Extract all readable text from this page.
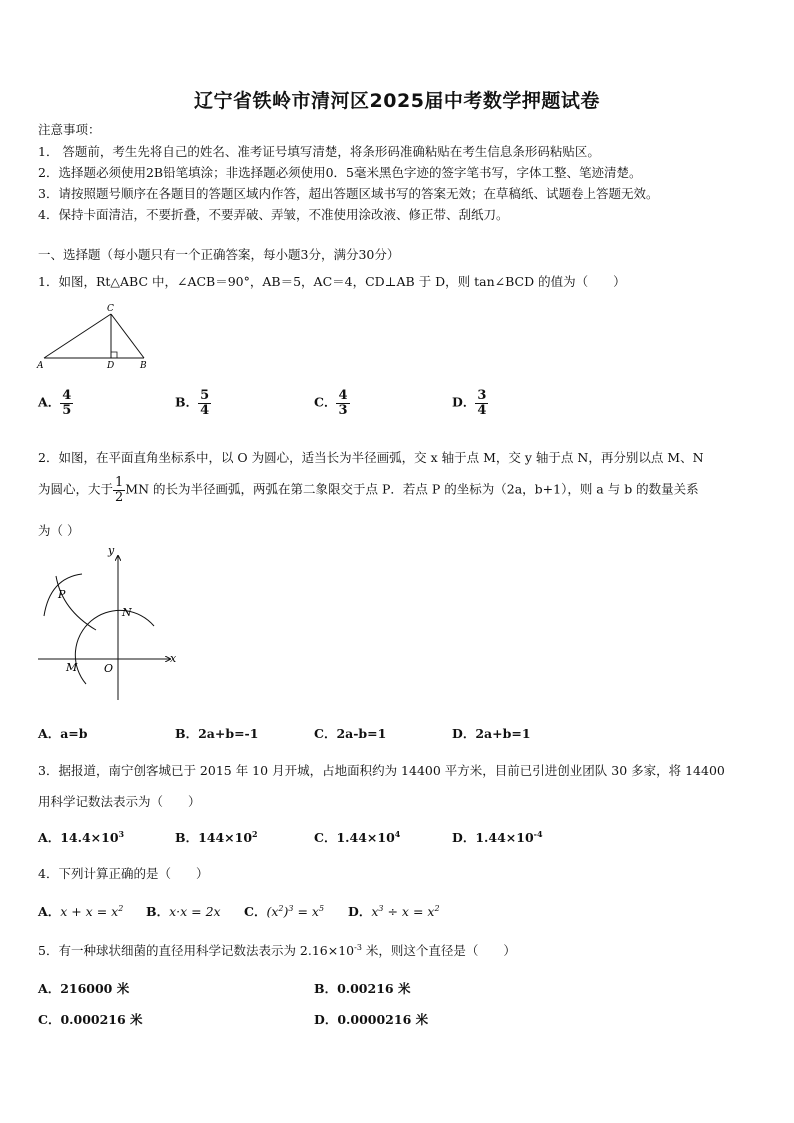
辽宁省铁岭市清河区2025届中考数学押题试卷
注意事项：
1． 答题前，考生先将自己的姓名、准考证号填写清楚，将条形码准确粘贴在考生信息条形码粘贴区。
2．选择题必须使用2B铅笔填涂；非选择题必须使用0．5毫米黑色字迹的签字笔书写，字体工整、笔迹清楚。
3．请按照题号顺序在各题目的答题区域内作答，超出答题区域书写的答案无效；在草稿纸、试题卷上答题无效。
4．保持卡面清洁，不要折叠，不要弄破、弄皱，不准使用涂改液、修正带、刮纸刀。
一、选择题（每小题只有一个正确答案，每小题3分，满分30分）
1．如图，Rt△ABC 中，∠ACB＝90°，AB＝5，AC＝4，CD⊥AB 于 D，则 tan∠BCD 的值为（　　）
A	D	B
C
A． $\frac{4}{5}$	B． $\frac{5}{4}$	C． $\frac{4}{3}$	D． $\frac{3}{4}$
2．如图，在平面直角坐标系中，以 O 为圆心，适当长为半径画弧，交 x 轴于点 M，交 y 轴于点 N，再分别以点 M、N
为圆心，大于 $\frac{1}{2}$ MN 的长为半径画弧，两弧在第二象限交于点 P．若点 P 的坐标为（2a，b+1），则 a 与 b 的数量关系
为（ ）
y
x
P
N
M O
A．a=b	B．2a+b=-1	C．2a-b=1	D．2a+b=1
3．据报道，南宁创客城已于 2015 年 10 月开城，占地面积约为 14400 平方米，目前已引进创业团队 30 多家，将 14400
用科学记数法表示为（　　）
A．$14.4\times 10^3$	B．$144\times 10^2$	C．$1.44\times 10^4$	D．$1.44\times 10^{-4}$
4．下列计算正确的是（　　）
A．$x + x = x^2$ B．x·x = 2x C．$(x^2)^3 = x^5$ D．$x^3 \div x = x^2$
5．有一种球状细菌的直径用科学记数法表示为 $2.16\times 10^{-3}$ 米，则这个直径是（　　）
A．216000 米	B．0.00216 米
C．0.000216 米	D．0.0000216 米
